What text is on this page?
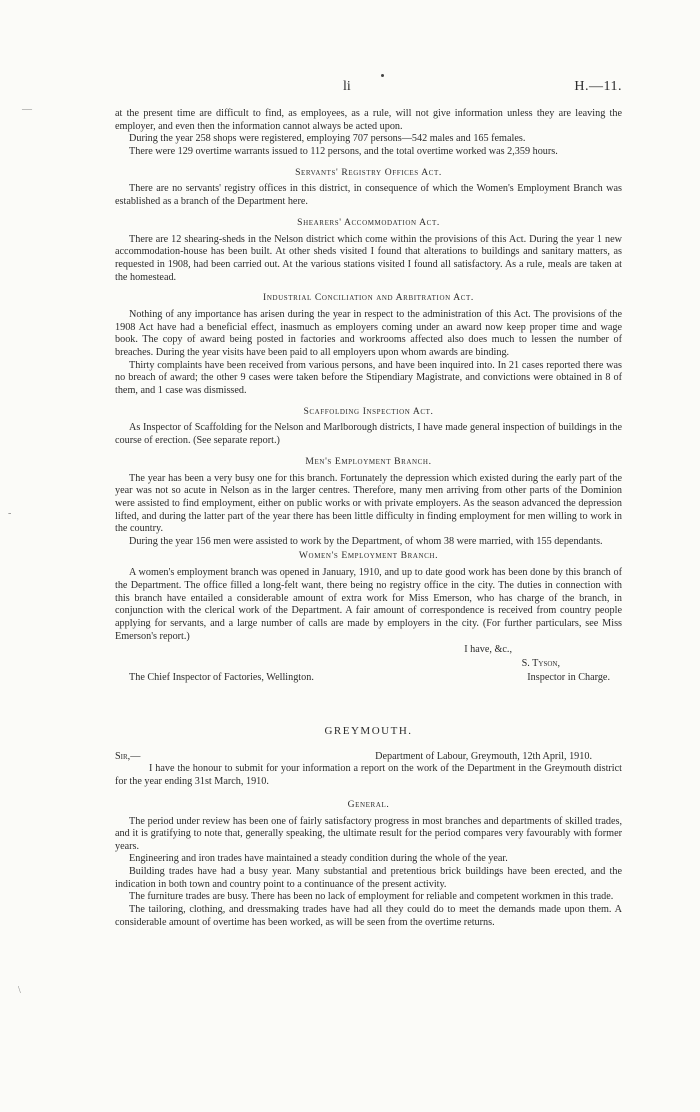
—
-
\
li	H.—11.

at the present time are difficult to find, as employees, as a rule, will not give information unless they are leaving the employer, and even then the information cannot always be acted upon.

During the year 258 shops were registered, employing 707 persons—542 males and 165 females.

There were 129 overtime warrants issued to 112 persons, and the total overtime worked was 2,359 hours.

Servants' Registry Offices Act.

There are no servants' registry offices in this district, in consequence of which the Women's Employment Branch was established as a branch of the Department here.

Shearers' Accommodation Act.

There are 12 shearing-sheds in the Nelson district which come within the provisions of this Act. During the year 1 new accommodation-house has been built. At other sheds visited I found that alterations to buildings and sanitary matters, as requested in 1908, had been carried out. At the various stations visited I found all satisfactory. As a rule, meals are taken at the homestead.

Industrial Conciliation and Arbitration Act.

Nothing of any importance has arisen during the year in respect to the administration of this Act. The provisions of the 1908 Act have had a beneficial effect, inasmuch as employers coming under an award now keep proper time and wage book. The copy of award being posted in factories and workrooms affected also does much to lessen the number of breaches. During the year visits have been paid to all employers upon whom awards are binding.

Thirty complaints have been received from various persons, and have been inquired into. In 21 cases reported there was no breach of award; the other 9 cases were taken before the Stipendiary Magistrate, and convictions were obtained in 8 of them, and 1 case was dismissed.

Scaffolding Inspection Act.

As Inspector of Scaffolding for the Nelson and Marlborough districts, I have made general inspection of buildings in the course of erection. (See separate report.)

Men's Employment Branch.

The year has been a very busy one for this branch. Fortunately the depression which existed during the early part of the year was not so acute in Nelson as in the larger centres. Therefore, many men arriving from other parts of the Dominion were assisted to find employment, either on public works or with private employers. As the season advanced the depression lifted, and during the latter part of the year there has been little difficulty in finding employment for men willing to work in the country.

During the year 156 men were assisted to work by the Department, of whom 38 were married, with 155 dependants.

Women's Employment Branch.

A women's employment branch was opened in January, 1910, and up to date good work has been done by this branch of the Department. The office filled a long-felt want, there being no registry office in the city. The duties in connection with this branch have entailed a considerable amount of extra work for Miss Emerson, who has charge of the branch, in conjunction with the clerical work of the Department. A fair amount of correspondence is received from country people applying for servants, and a large number of calls are made by employers in the city. (For further particulars, see Miss Emerson's report.)

I have, &c.,
S. Tyson,
The Chief Inspector of Factories, Wellington.	Inspector in Charge.
GREYMOUTH.
Sir,—	Department of Labour, Greymouth, 12th April, 1910.

I have the honour to submit for your information a report on the work of the Department in the Greymouth district for the year ending 31st March, 1910.

General.

The period under review has been one of fairly satisfactory progress in most branches and departments of skilled trades, and it is gratifying to note that, generally speaking, the ultimate result for the period compares very favourably with former years.

Engineering and iron trades have maintained a steady condition during the whole of the year.

Building trades have had a busy year. Many substantial and pretentious brick buildings have been erected, and the indication in both town and country point to a continuance of the present activity.

The furniture trades are busy. There has been no lack of employment for reliable and competent workmen in this trade.

The tailoring, clothing, and dressmaking trades have had all they could do to meet the demands made upon them. A considerable amount of overtime has been worked, as will be seen from the overtime returns.
